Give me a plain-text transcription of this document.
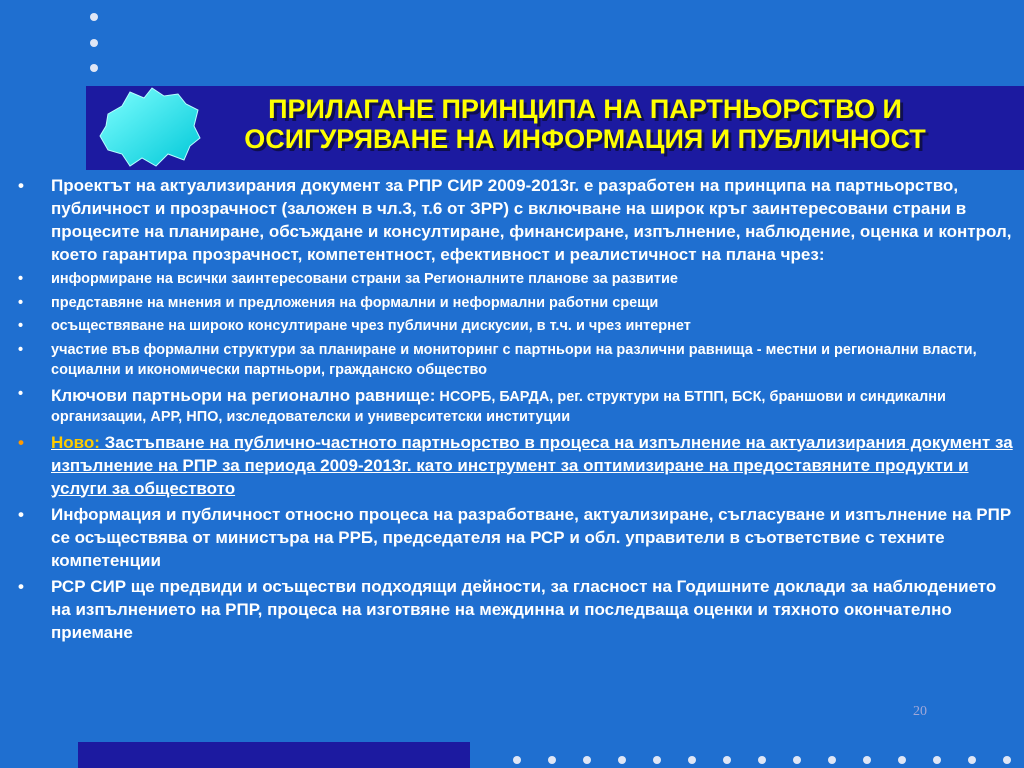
ПРИЛАГАНЕ ПРИНЦИПА НА ПАРТНЬОРСТВО И
ОСИГУРЯВАНЕ НА ИНФОРМАЦИЯ И ПУБЛИЧНОСТ
• Проектът на актуализирания документ за РПР СИР 2009-2013г. е разработен на принципа на партньорство, публичност и прозрачност (заложен в чл.3, т.6 от ЗРР) с включване на широк кръг заинтересовани страни в процесите на планиране, обсъждане и консултиране, финансиране, изпълнение, наблюдение, оценка и контрол, което гарантира прозрачност, компетентност, ефективност и реалистичност на плана чрез:
• информиране на всички заинтересовани страни за Регионалните планове за развитие
• представяне на мнения и предложения на формални и неформални работни срещи
• осъществяване на широко консултиране чрез публични дискусии, в т.ч. и чрез интернет
• участие във формални структури за планиране и мониторинг с партньори на различни равнища - местни и регионални власти, социални и икономически партньори, гражданско общество
• Ключови партньори на регионално равнище: НСОРБ, БАРДА, рег. структури на БТПП, БСК, браншови и синдикални организации, АРР, НПО, изследователски и университетски институции
• Ново: Застъпване на публично-частното партньорство в процеса на изпълнение на актуализирания документ за изпълнение на РПР за периода 2009-2013г. като инструмент за оптимизиране на предоставяните продукти и услуги за обществото
• Информация и публичност относно процеса на разработване, актуализиране, съгласуване и изпълнение на РПР се осъществява от министъра на РРБ, председателя на РСР и обл. управители в съответствие с техните компетенции
• РСР СИР ще предвиди и осъществи подходящи дейности, за гласност на Годишните доклади за наблюдението на изпълнението на РПР, процеса на изготвяне на междинна и последваща оценки и тяхното окончателно приемане
20
